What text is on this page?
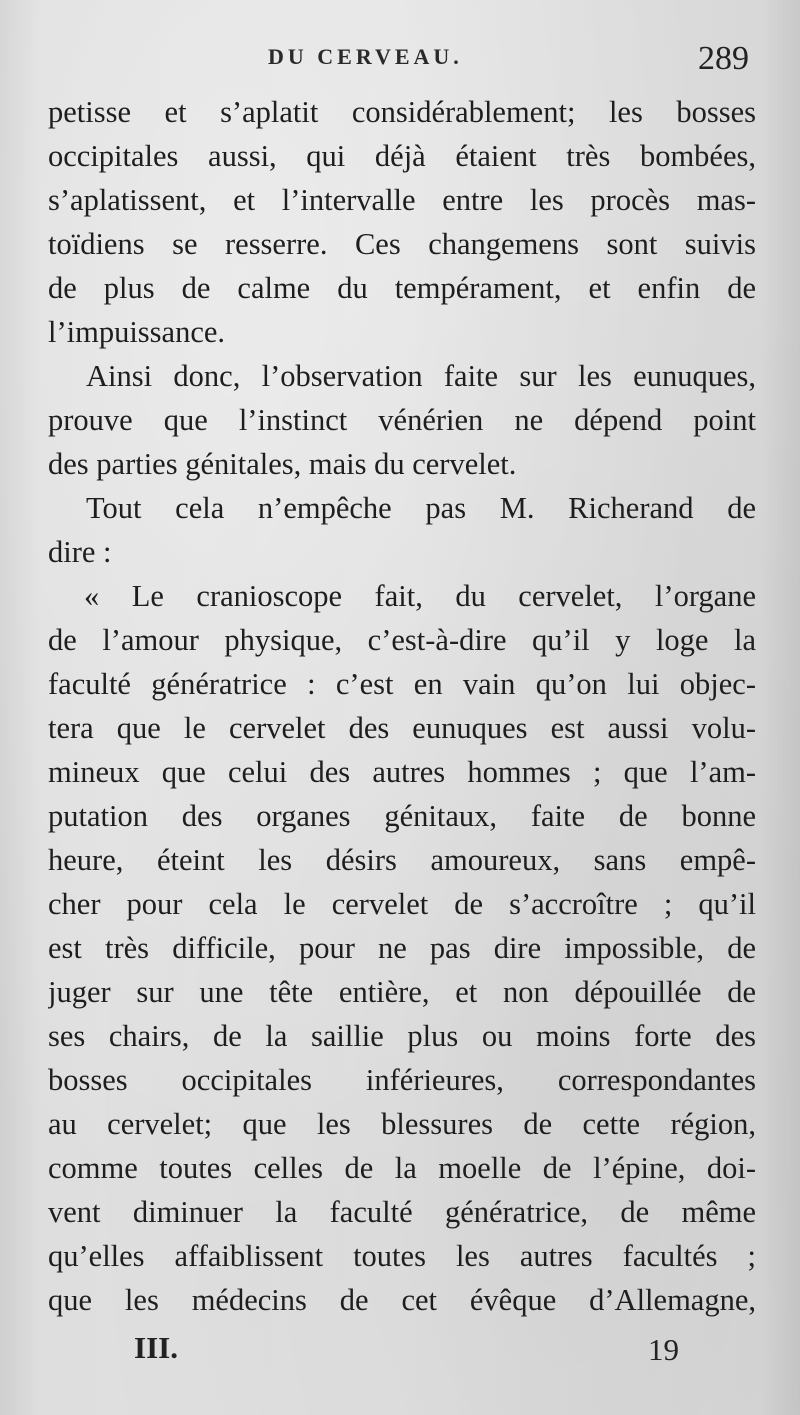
DU CERVEAU.	289
petisse et s’aplatit considérablement; les bosses
occipitales aussi, qui déjà étaient très bombées,
s’aplatissent, et l’intervalle entre les procès mas-
toïdiens se resserre. Ces changemens sont suivis
de plus de calme du tempérament, et enfin de
l’impuissance.
Ainsi donc, l’observation faite sur les eunuques,
prouve que l’instinct vénérien ne dépend point
des parties génitales, mais du cervelet.
Tout cela n’empêche pas M. Richerand de
dire :
« Le cranioscope fait, du cervelet, l’organe
de l’amour physique, c’est-à-dire qu’il y loge la
faculté génératrice : c’est en vain qu’on lui objec-
tera que le cervelet des eunuques est aussi volu-
mineux que celui des autres hommes ; que l’am-
putation des organes génitaux, faite de bonne
heure, éteint les désirs amoureux, sans empê-
cher pour cela le cervelet de s’accroître ; qu’il
est très difficile, pour ne pas dire impossible, de
juger sur une tête entière, et non dépouillée de
ses chairs, de la saillie plus ou moins forte des
bosses occipitales inférieures, correspondantes
au cervelet; que les blessures de cette région,
comme toutes celles de la moelle de l’épine, doi-
vent diminuer la faculté génératrice, de même
qu’elles affaiblissent toutes les autres facultés ;
que les médecins de cet évêque d’Allemagne,
III.	19
